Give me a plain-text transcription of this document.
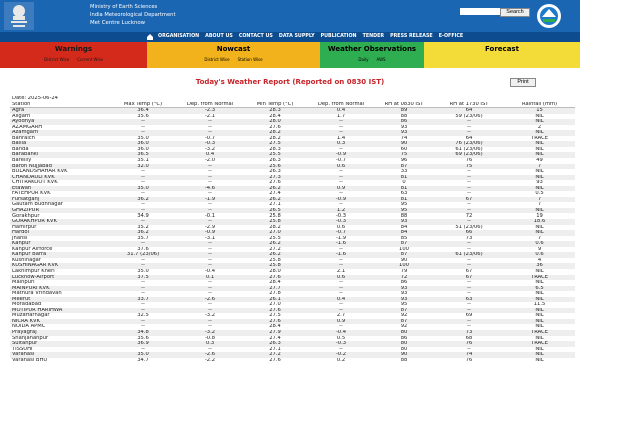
Ministry of Earth Sciences
India Meteorological Department
Met Centre Lucknow
Search
ORGANISATION ABOUT US CONTACT US DATA SUPPLY PUBLICATION TENDER PRESS RELEASE E-OFFICE
Warnings
District Wise Current Wise
Nowcast
District Wise Station Wise
Weather Observations
Daily AWS
Forecast
Today's Weather Report (Reported on 0830 IST)	Print
Date: 2025-06-24							
Station	Max Temp (°C)	Dep. from Normal	Min Temp (°C)	Dep. from Normal	RH at 0830 IST	RH at 1730 IST	Rainfall (mm)
Agra	36.4	-2.3	28.3	0.4	89	64	15
Aligarh	35.6	-2.1	28.4	1.7	88	59 (23/06)	NIL
Ayodhya	--	--	28.0	--	86	--	NIL
AZAMGARH	--	--	27.6	--	93	--	2
Azamgarh	--	--	28.2	--	93	--	NIL
Bahraich	35.0	-0.7	28.2	1.4	74	64	TRACE
Ballia	36.0	-0.3	27.5	0.3	90	76 (23/06)	NIL
Banda	36.0	-3.2	28.3	--	60	61 (23/06)	NIL
Barabanki	36.5	0.4	25.5	-0.9	75	69 (23/06)	NIL
Bareilly	35.1	-2.0	26.3	-0.7	96	76	49
Baron Nujjabad	32.0	--	25.6	0.6	87	75	7
BULANDSHAHAR KVK	--	--	26.3	--	33	--	NIL
CHANDAULI KVK	--	--	27.3	--	81	--	NIL
CHITRAKOOT KVK	--	--	27.6	--	0	--	93
Etawah	35.0	-4.6	26.2	0.9	81	--	NIL
FATEHPUR KVK	--	--	27.4	--	63	--	0.5
Fursatganj	36.2	-1.9	26.2	-0.9	81	67	7
Gautam Budhnagar	--	--	27.1	--	95	--	7
GHAZIPUR	--	--	26.5	1.2	95	--	NIL
Gorakhpur	34.9	-0.1	25.8	-0.3	88	72	19
GORAKHPUR KVK	--	--	25.8	-0.3	93	--	18.6
Hamirpur	35.2	-2.9	28.2	0.6	84	51 (23/06)	NIL
Hardoi	36.2	-0.9	27.0	-0.7	84	66	NIL
Jhansi	35.7	-3.1	25.5	-1.9	85	73	7
Kanpur	--	--	26.2	-1.6	87	--	0.6
Kanpur Airforce	37.6	--	27.2	--	100	--	9
Kanpur Barra	31.7 (23/06)	--	26.2	-1.6	87	61 (23/06)	0.6
Kushinagar	--	--	25.8	--	90	--	4
KUSHINAGAR KVK	--	--	25.8	--	100	--	36
Lakhimpur Kheri	35.0	-0.4	28.0	2.1	79	67	NIL
Lucknow-Airport	37.5	0.1	27.6	0.6	72	67	TRACE
Mainpuri	--	--	28.4	--	86	--	NIL
MAINPURI KVK	--	--	27.7	--	93	--	6.5
Mathura Vrindavan	--	--	27.8	--	93	--	NIL
Meerut	33.7	-2.6	26.1	0.4	93	63	NIL
Moradabad	--	--	27.0	--	95	--	11.5
MOTIPUR HARIHWA	--	--	27.6	--	87	--	NIL
Muzaffarnagar	32.5	-3.2	27.5	2.7	92	69	NIL
NICRA KVK	--	--	27.6	0.9	87	--	NIL
NOIDA APMC	--	--	28.4	--	92	--	NIL
Prayagraj	34.8	-3.2	27.9	-0.4	80	73	TRACE
Shahjahanpur	35.6	-0.8	27.4	0.5	86	68	NIL
Sultanpur	36.9	0.3	26.3	-0.3	80	76	TRACE
TISSUHI	--	--	27.1	--	80	--	NIL
Varanasi	35.0	-2.6	27.2	-0.2	90	74	NIL
Varanasi BHU	34.7	-2.2	27.6	0.2	88	76	NIL
